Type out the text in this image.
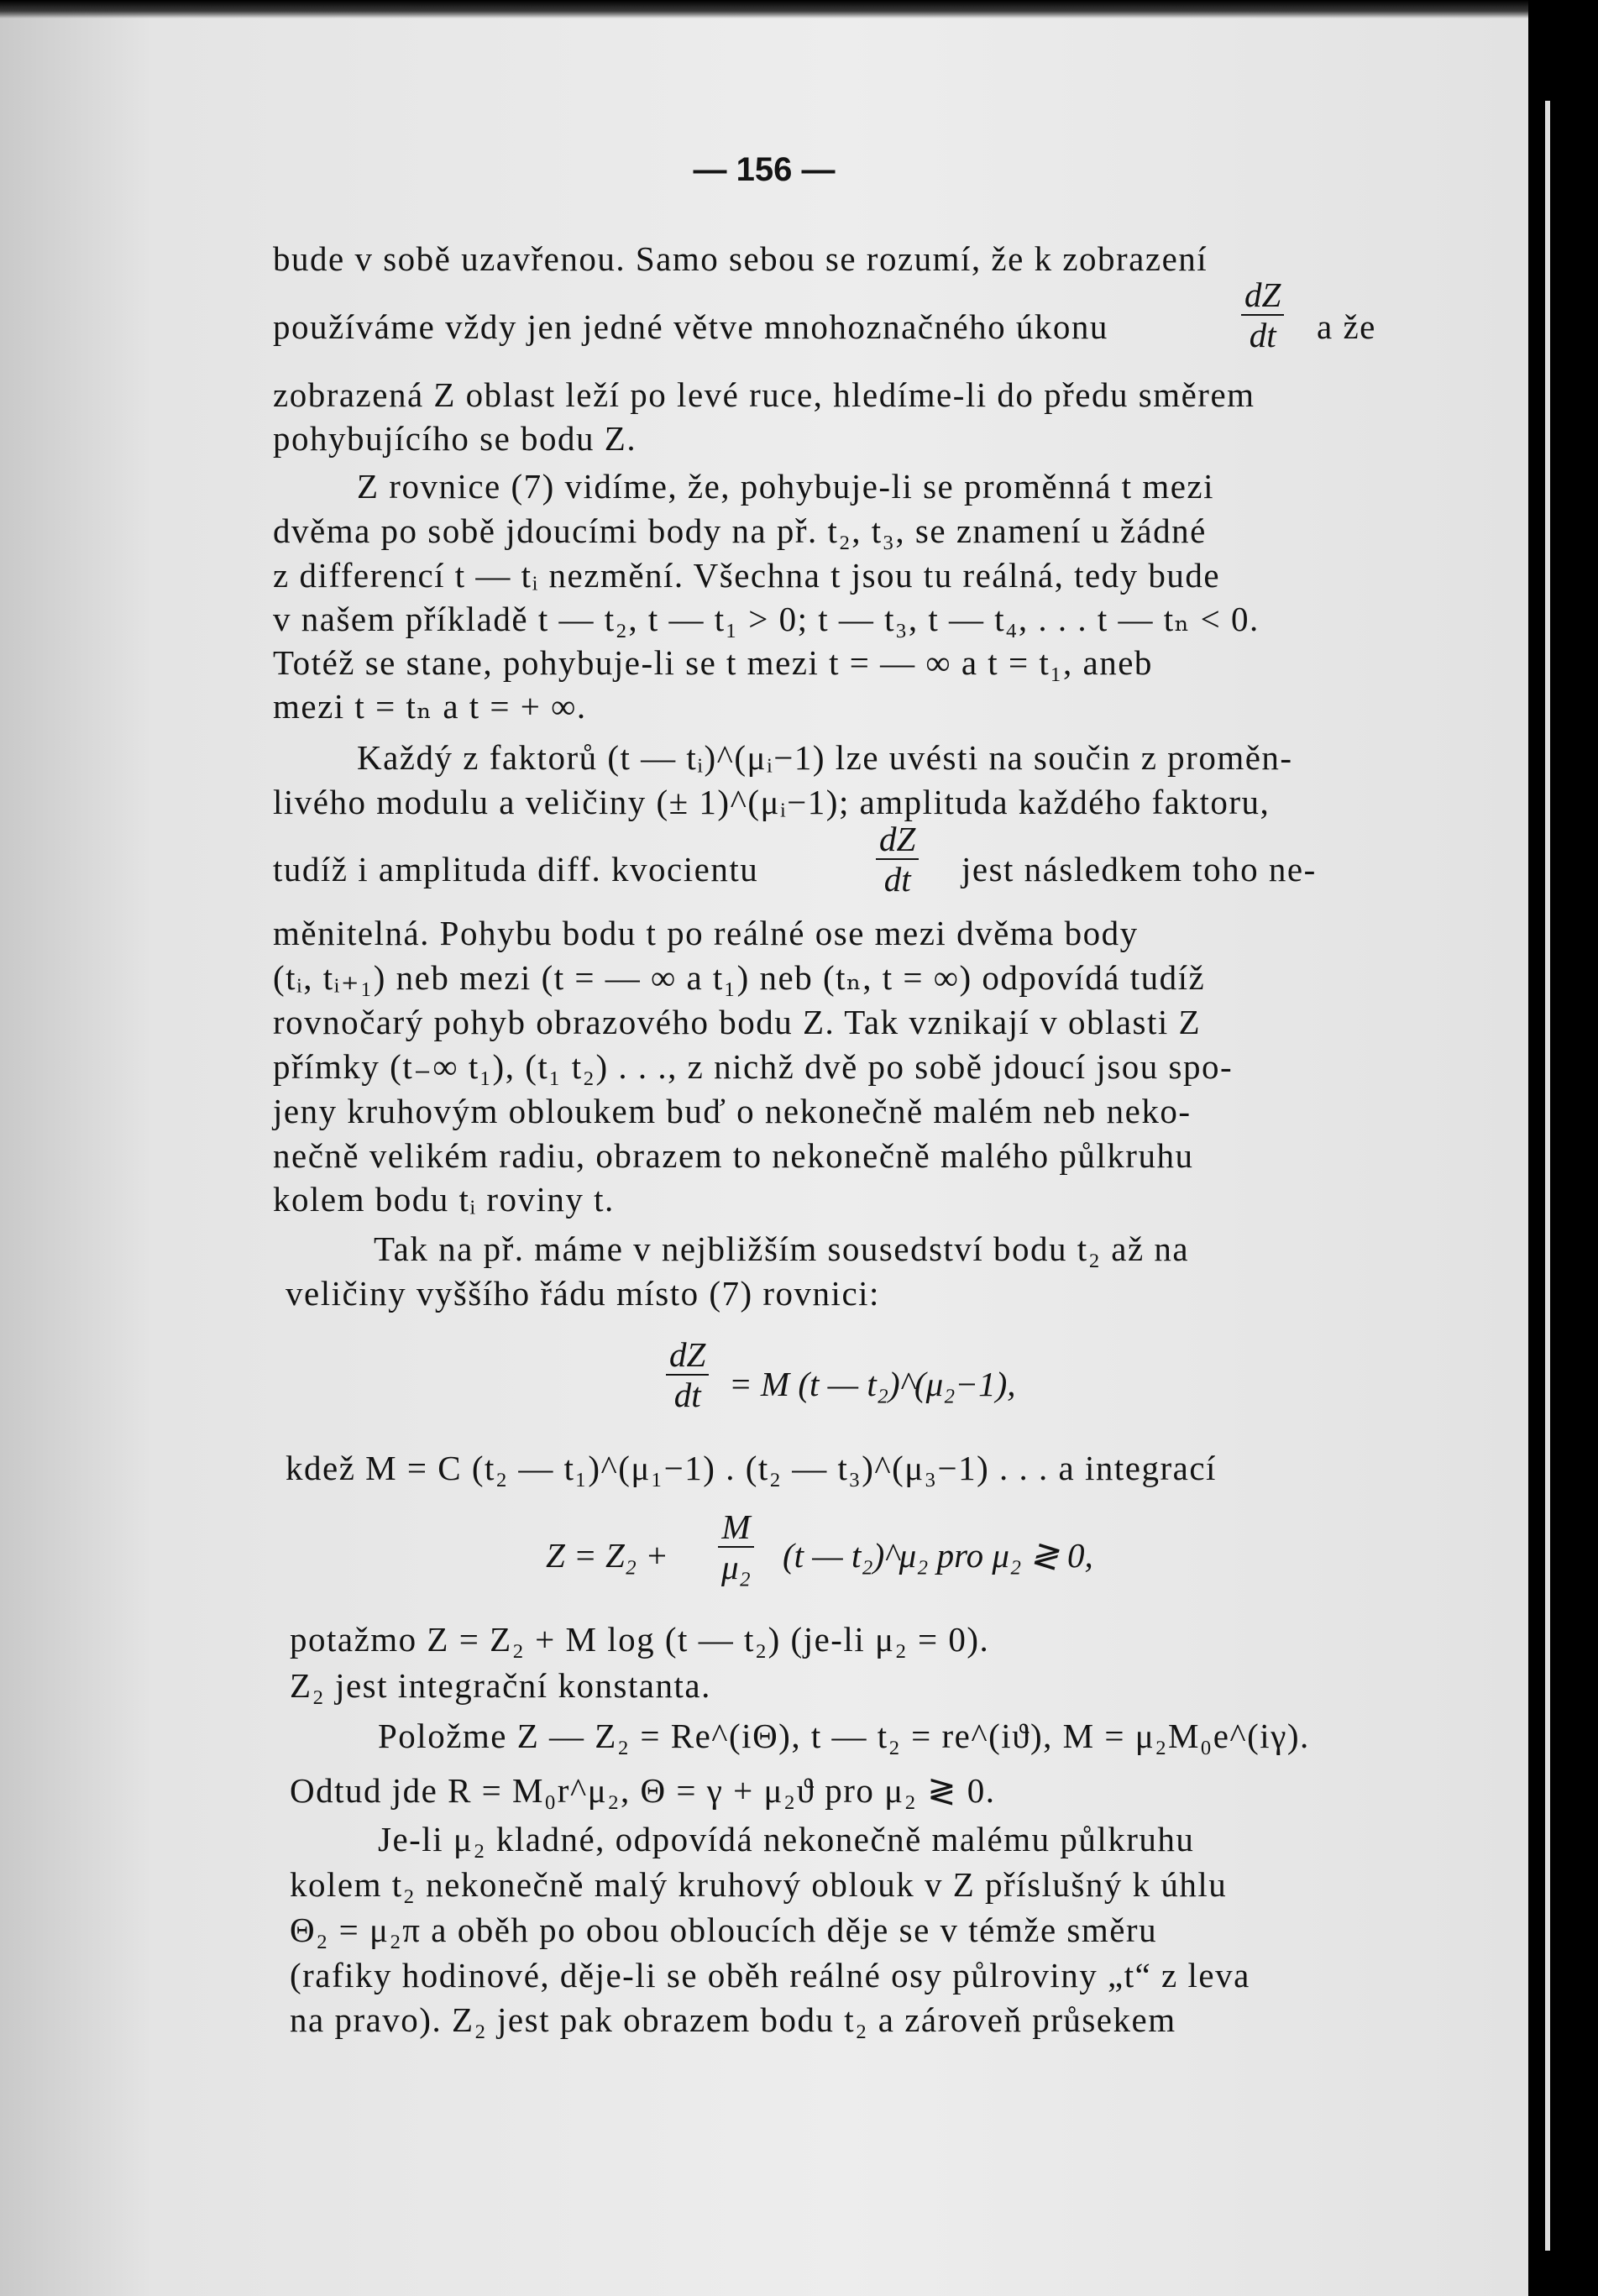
— 156 —
bude v sobě uzavřenou. Samo sebou se rozumí, že k zobrazení
používáme vždy jen jedné větve mnohoznačného úkonu	$\frac{dZ}{dt}$ a že
zobrazená Z oblast leží po levé ruce, hledíme-li do předu směrem
pohybujícího se bodu Z.
Z rovnice (7) vidíme, že, pohybuje-li se proměnná t mezi
dvěma po sobě jdoucími body na př. t₂, t₃, se znamení u žádné
z differencí t — tᵢ nezmění. Všechna t jsou tu reálná, tedy bude
v našem příkladě t — t₂, t — t₁ > 0; t — t₃, t — t₄, . . . t — tₙ < 0.
Totéž se stane, pohybuje-li se t mezi t = — ∞ a t = t₁, aneb
mezi t = tₙ a t = + ∞.
Každý z faktorů (t — tᵢ)^(μᵢ−1) lze uvésti na součin z proměn-
livého modulu a veličiny (± 1)^(μᵢ−1); amplituda každého faktoru,
tudíž i amplituda diff. kvocientu	$\frac{dZ}{dt}$ jest následkem toho ne-
měnitelná. Pohybu bodu t po reálné ose mezi dvěma body
(tᵢ, tᵢ₊₁) neb mezi (t = — ∞ a t₁) neb (tₙ, t = ∞) odpovídá tudíž
rovnočarý pohyb obrazového bodu Z. Tak vznikají v oblasti Z
přímky (t₋∞ t₁), (t₁ t₂) . . ., z nichž dvě po sobě jdoucí jsou spo-
jeny kruhovým obloukem buď o nekonečně malém neb neko-
nečně velikém radiu, obrazem to nekonečně malého půlkruhu
kolem bodu tᵢ roviny t.
Tak na př. máme v nejbližším sousedství bodu t₂ až na
veličiny vyššího řádu místo (7) rovnici:
$\frac{dZ}{dt} = M$ (t — t₂)^(μ₂−1),
kdež M = C (t₂ — t₁)^(μ₁−1) . (t₂ — t₃)^(μ₃−1) . . . a integrací
$Z = Z_2 + \frac{M}{\text{μ₂}} (t$ — t₂)^μ₂ pro μ₂ ≷ 0,
potažmo Z = Z₂ + M log (t — t₂) (je-li μ₂ = 0).
Z₂ jest integrační konstanta.
Položme Z — Z₂ = Re^(iΘ), t — t₂ = re^(iϑ), M = μ₂M₀e^(iγ).
Odtud jde R = M₀r^μ₂, Θ = γ + μ₂ϑ pro μ₂ ≷ 0.
Je-li μ₂ kladné, odpovídá nekonečně malému půlkruhu
kolem t₂ nekonečně malý kruhový oblouk v Z příslušný k úhlu
Θ₂ = μ₂π a oběh po obou obloucích děje se v témže směru
(rafiky hodinové, děje-li se oběh reálné osy půlroviny „t“ z leva
na pravo). Z₂ jest pak obrazem bodu t₂ a zároveň průsekem
